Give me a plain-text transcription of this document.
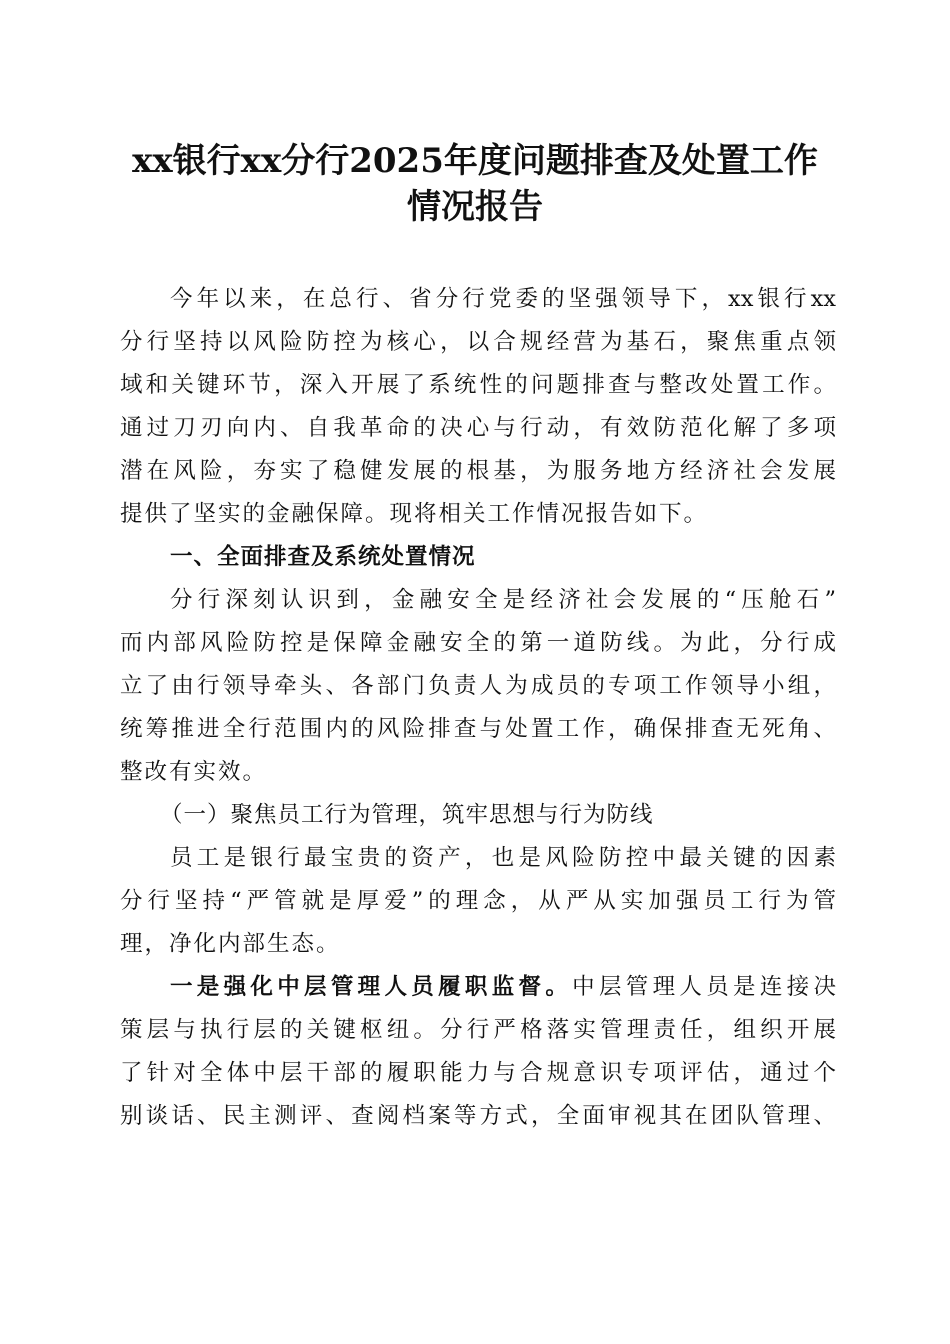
xx银行xx分行2025年度问题排查及处置工作
情况报告
今年以来，在总行、省分行党委的坚强领导下，xx银行xx
分行坚持以风险防控为核心，以合规经营为基石，聚焦重点领
域和关键环节，深入开展了系统性的问题排查与整改处置工作。
通过刀刃向内、自我革命的决心与行动，有效防范化解了多项
潜在风险，夯实了稳健发展的根基，为服务地方经济社会发展
提供了坚实的金融保障。现将相关工作情况报告如下。
一、全面排查及系统处置情况
分行深刻认识到，金融安全是经济社会发展的“压舱石”
而内部风险防控是保障金融安全的第一道防线。为此，分行成
立了由行领导牵头、各部门负责人为成员的专项工作领导小组，
统筹推进全行范围内的风险排查与处置工作，确保排查无死角、
整改有实效。
（一）聚焦员工行为管理，筑牢思想与行为防线
员工是银行最宝贵的资产，也是风险防控中最关键的因素
分行坚持“严管就是厚爱”的理念，从严从实加强员工行为管
理，净化内部生态。
一是强化中层管理人员履职监督。中层管理人员是连接决
策层与执行层的关键枢纽。分行严格落实管理责任，组织开展
了针对全体中层干部的履职能力与合规意识专项评估，通过个
别谈话、民主测评、查阅档案等方式，全面审视其在团队管理、
